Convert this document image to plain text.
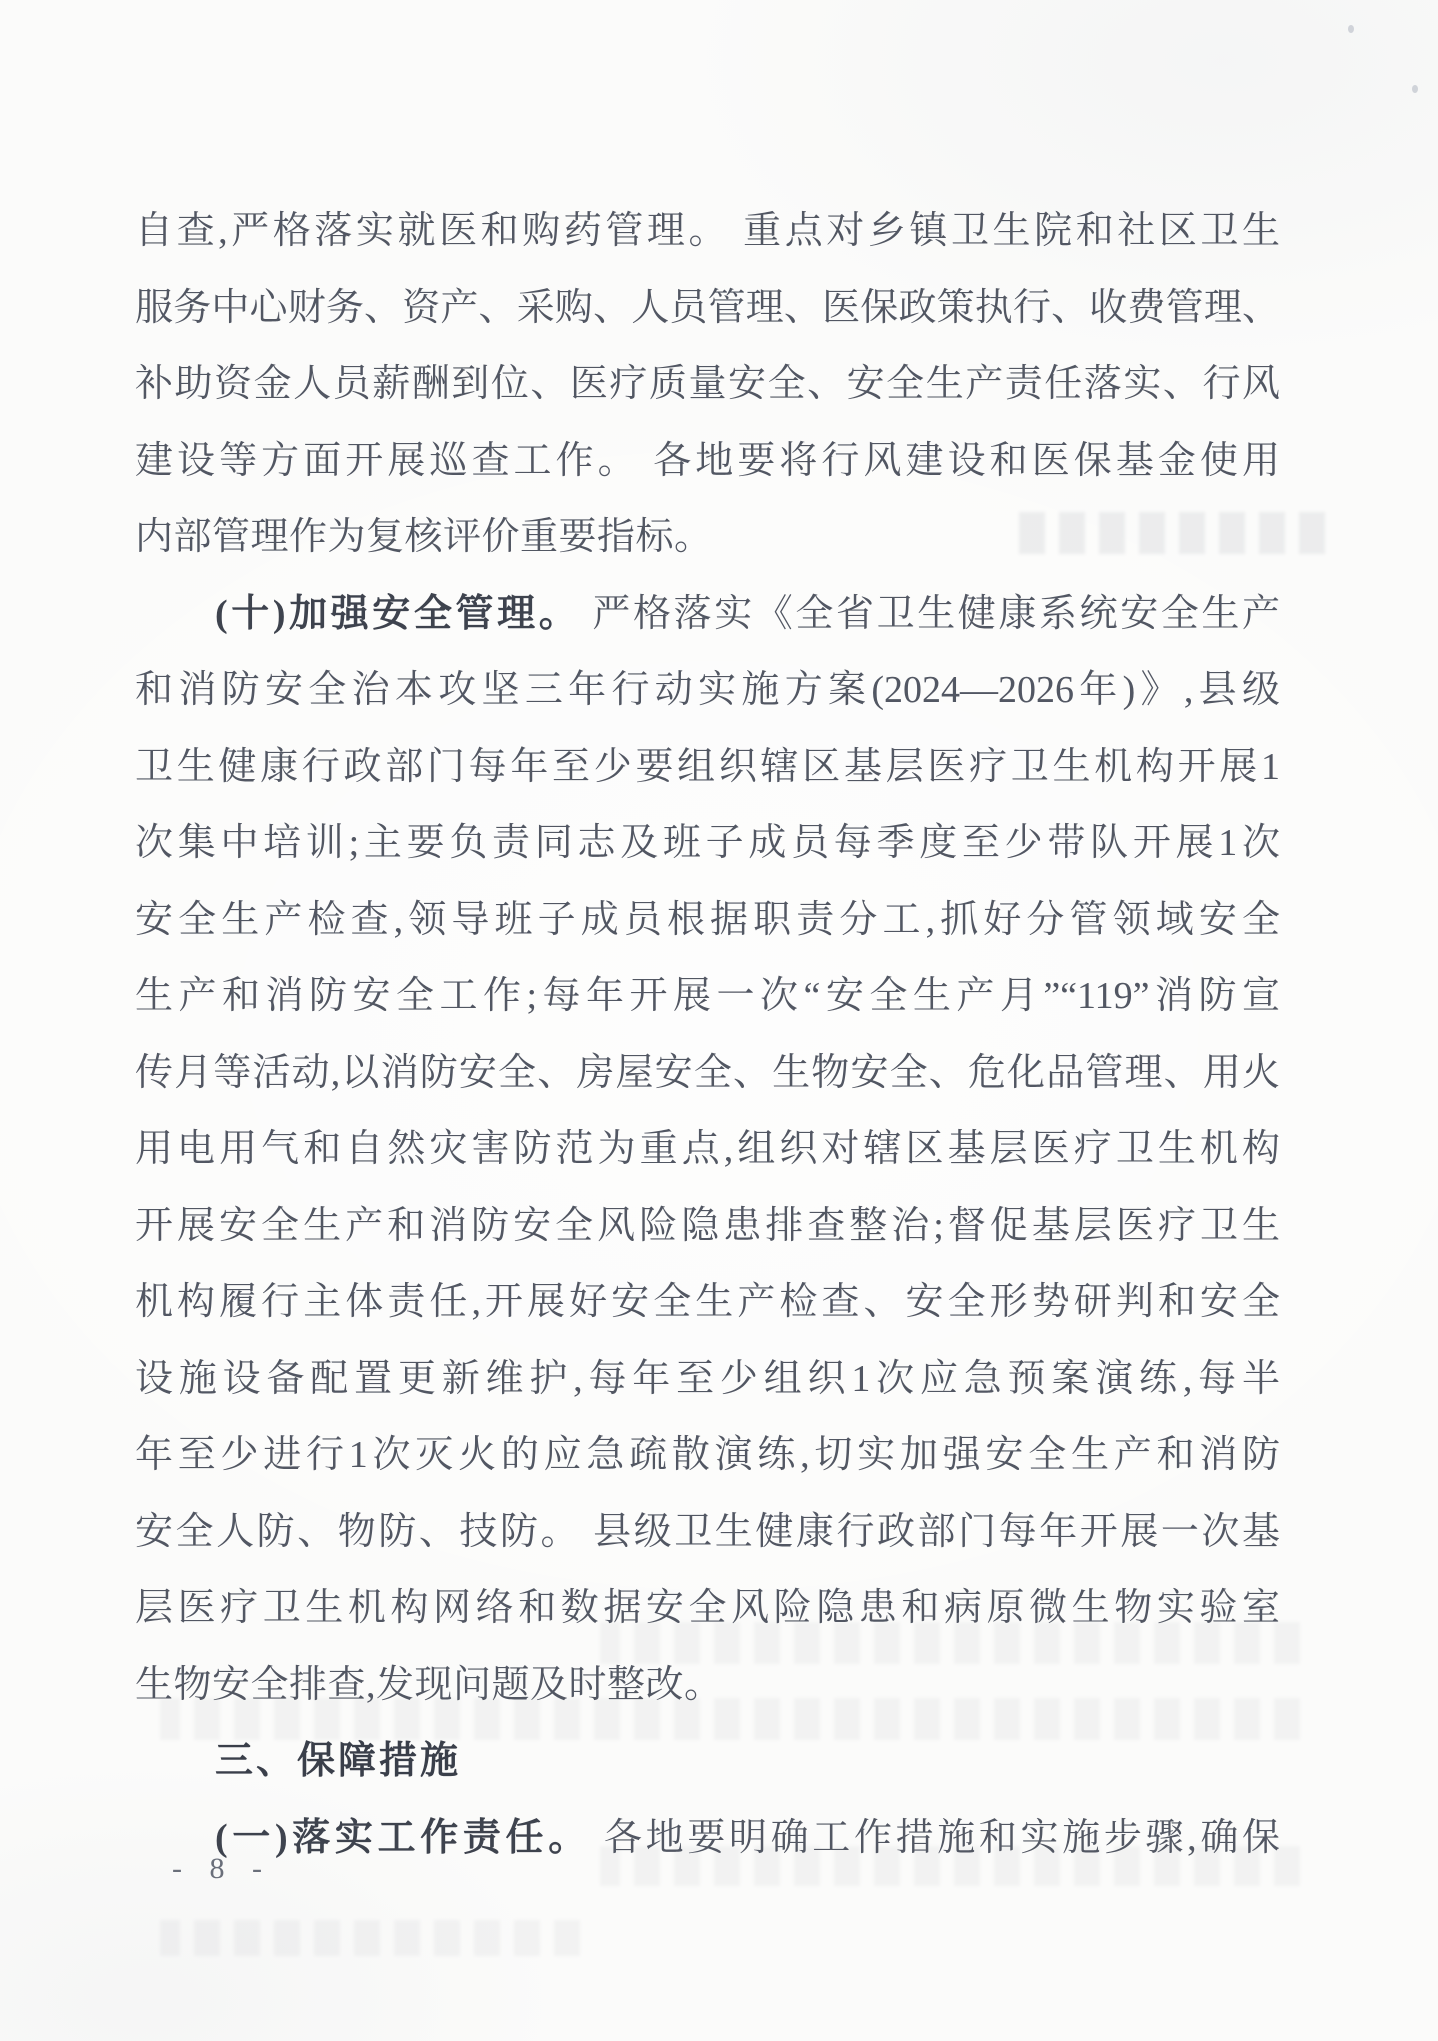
自查,严格落实就医和购药管理。 重点对乡镇卫生院和社区卫生
服务中心财务、资产、采购、人员管理、医保政策执行、收费管理、
补助资金人员薪酬到位、医疗质量安全、安全生产责任落实、行风
建设等方面开展巡查工作。 各地要将行风建设和医保基金使用
内部管理作为复核评价重要指标。
(十)加强安全管理。 严格落实《全省卫生健康系统安全生产
和消防安全治本攻坚三年行动实施方案(2024—2026年)》,县级
卫生健康行政部门每年至少要组织辖区基层医疗卫生机构开展1
次集中培训;主要负责同志及班子成员每季度至少带队开展1次
安全生产检查,领导班子成员根据职责分工,抓好分管领域安全
生产和消防安全工作;每年开展一次“安全生产月”“119”消防宣
传月等活动,以消防安全、房屋安全、生物安全、危化品管理、用火
用电用气和自然灾害防范为重点,组织对辖区基层医疗卫生机构
开展安全生产和消防安全风险隐患排查整治;督促基层医疗卫生
机构履行主体责任,开展好安全生产检查、安全形势研判和安全
设施设备配置更新维护,每年至少组织1次应急预案演练,每半
年至少进行1次灭火的应急疏散演练,切实加强安全生产和消防
安全人防、物防、技防。 县级卫生健康行政部门每年开展一次基
层医疗卫生机构网络和数据安全风险隐患和病原微生物实验室
生物安全排查,发现问题及时整改。
三、保障措施
(一)落实工作责任。 各地要明确工作措施和实施步骤,确保
- 8 -
